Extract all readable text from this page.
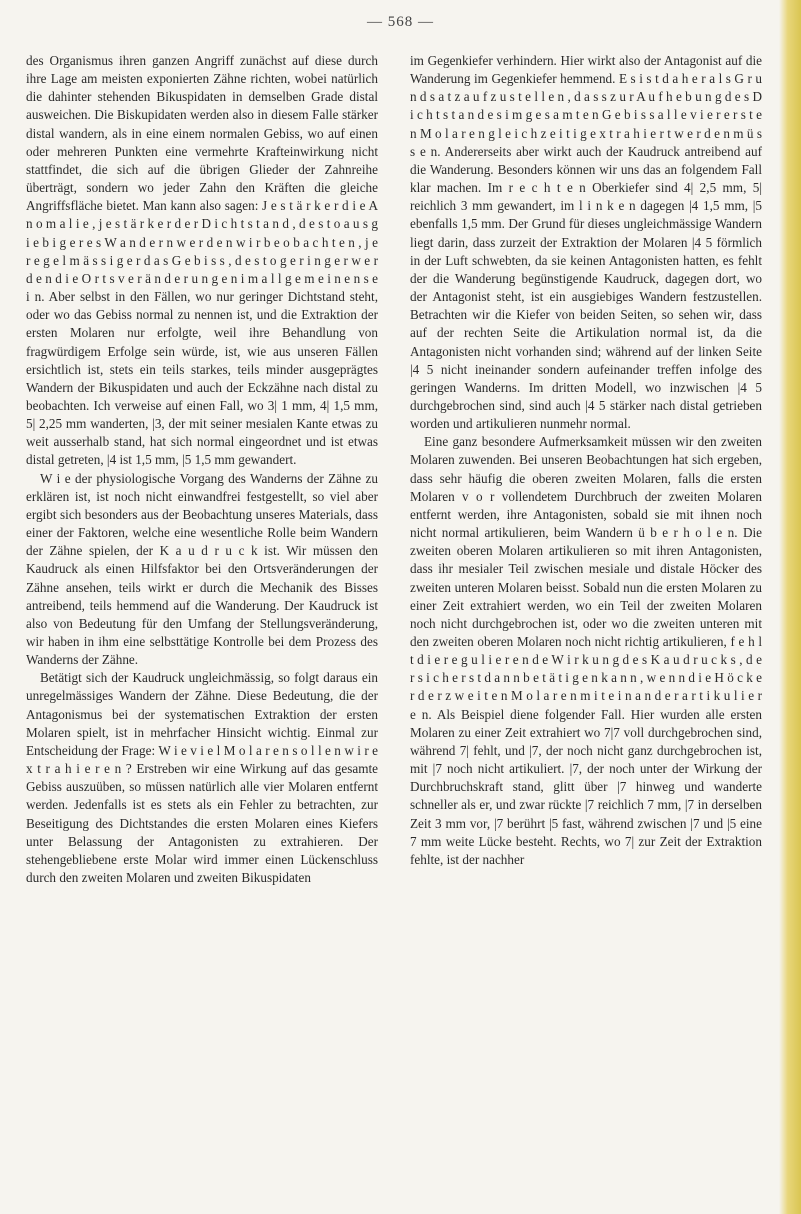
— 568 —

des Organismus ihren ganzen Angriff zunächst auf diese durch ihre Lage am meisten exponierten Zähne richten, wobei natürlich die dahinter stehenden Bikuspidaten in demselben Grade distal ausweichen. Die Biskupidaten werden also in diesem Falle stärker distal wandern, als in eine einem normalen Gebiss, wo auf einen oder mehreren Punkten eine vermehrte Krafteinwirkung nicht stattfindet, die sich auf die übrigen Glieder der Zahnreihe überträgt, sondern wo jeder Zahn den Kräften die gleiche Angriffsfläche bietet. Man kann also sagen: J e s t ä r k e r d i e A n o m a l i e , j e s t ä r k e r d e r D i c h t s t a n d , d e s t o a u s g i e b i g e r e s W a n d e r n w e r d e n w i r b e o b a c h t e n , j e r e g e l m ä s s i g e r d a s G e b i s s , d e s t o g e r i n g e r w e r d e n d i e O r t s v e r ä n d e r u n g e n i m a l l g e m e i n e n s e i n. Aber selbst in den Fällen, wo nur geringer Dichtstand steht, oder wo das Gebiss normal zu nennen ist, und die Extraktion der ersten Molaren nur erfolgte, weil ihre Behandlung von fragwürdigem Erfolge sein würde, ist, wie aus unseren Fällen ersichtlich ist, stets ein teils starkes, teils minder ausgeprägtes Wandern der Bikuspidaten und auch der Eckzähne nach distal zu beobachten. Ich verweise auf einen Fall, wo 3| 1 mm, 4| 1,5 mm, 5| 2,25 mm wanderten, |3, der mit seiner mesialen Kante etwas zu weit ausserhalb stand, hat sich normal eingeordnet und ist etwas distal getreten, |4 ist 1,5 mm, |5 1,5 mm gewandert.

W i e der physiologische Vorgang des Wanderns der Zähne zu erklären ist, ist noch nicht einwandfrei festgestellt, so viel aber ergibt sich besonders aus der Beobachtung unseres Materials, dass einer der Faktoren, welche eine wesentliche Rolle beim Wandern der Zähne spielen, der K a u d r u c k ist. Wir müssen den Kaudruck als einen Hilfsfaktor bei den Ortsveränderungen der Zähne ansehen, teils wirkt er durch die Mechanik des Bisses antreibend, teils hemmend auf die Wanderung. Der Kaudruck ist also von Bedeutung für den Umfang der Stellungsveränderung, wir haben in ihm eine selbsttätige Kontrolle bei dem Prozess des Wanderns der Zähne.

Betätigt sich der Kaudruck ungleichmässig, so folgt daraus ein unregelmässiges Wandern der Zähne. Diese Bedeutung, die der Antagonismus bei der systematischen Extraktion der ersten Molaren spielt, ist in mehrfacher Hinsicht wichtig. Einmal zur Entscheidung der Frage: W i e v i e l M o l a r e n s o l l e n w i r e x t r a h i e r e n ? Erstreben wir eine Wirkung auf das gesamte Gebiss auszuüben, so müssen natürlich alle vier Molaren entfernt werden. Jedenfalls ist es stets als ein Fehler zu betrachten, zur Beseitigung des Dichtstandes die ersten Molaren eines Kiefers unter Belassung der Antagonisten zu extrahieren. Der stehengebliebene erste Molar wird immer einen Lückenschluss durch den zweiten Molaren und zweiten Bikuspidaten

im Gegenkiefer verhindern. Hier wirkt also der Antagonist auf die Wanderung im Gegenkiefer hemmend. E s i s t d a h e r a l s G r u n d s a t z a u f z u s t e l l e n , d a s s z u r A u f h e b u n g d e s D i c h t s t a n d e s i m g e s a m t e n G e b i s s a l l e v i e r e r s t e n M o l a r e n g l e i c h z e i t i g e x t r a h i e r t w e r d e n m ü s s e n. Andererseits aber wirkt auch der Kaudruck antreibend auf die Wanderung. Besonders können wir uns das an folgendem Fall klar machen. Im r e c h t e n Oberkiefer sind 4| 2,5 mm, 5| reichlich 3 mm gewandert, im l i n k e n dagegen |4 1,5 mm, |5 ebenfalls 1,5 mm. Der Grund für dieses ungleichmässige Wandern liegt darin, dass zurzeit der Extraktion der Molaren |4 5 förmlich in der Luft schwebten, da sie keinen Antagonisten hatten, es fehlt der die Wanderung begünstigende Kaudruck, dagegen dort, wo der Antagonist steht, ist ein ausgiebiges Wandern festzustellen. Betrachten wir die Kiefer von beiden Seiten, so sehen wir, dass auf der rechten Seite die Artikulation normal ist, da die Antagonisten nicht vorhanden sind; während auf der linken Seite |4 5 nicht ineinander sondern aufeinander treffen infolge des geringen Wanderns. Im dritten Modell, wo inzwischen |4 5 durchgebrochen sind, sind auch |4 5 stärker nach distal getrieben worden und artikulieren nunmehr normal.

Eine ganz besondere Aufmerksamkeit müssen wir den zweiten Molaren zuwenden. Bei unseren Beobachtungen hat sich ergeben, dass sehr häufig die oberen zweiten Molaren, falls die ersten Molaren v o r vollendetem Durchbruch der zweiten Molaren entfernt werden, ihre Antagonisten, sobald sie mit ihnen noch nicht normal artikulieren, beim Wandern ü b e r h o l e n. Die zweiten oberen Molaren artikulieren so mit ihren Antagonisten, dass ihr mesialer Teil zwischen mesiale und distale Höcker des zweiten unteren Molaren beisst. Sobald nun die ersten Molaren zu einer Zeit extrahiert werden, wo ein Teil der zweiten Molaren noch nicht durchgebrochen ist, oder wo die zweiten unteren mit den zweiten oberen Molaren noch nicht richtig artikulieren, f e h l t d i e r e g u l i e r e n d e W i r k u n g d e s K a u d r u c k s , d e r s i c h e r s t d a n n b e t ä t i g e n k a n n , w e n n d i e H ö c k e r d e r z w e i t e n M o l a r e n m i t e i n a n d e r a r t i k u l i e r e n. Als Beispiel diene folgender Fall. Hier wurden alle ersten Molaren zu einer Zeit extrahiert wo 7|7 voll durchgebrochen sind, während 7| fehlt, und |7, der noch nicht ganz durchgebrochen ist, mit |7 noch nicht artikuliert. |7, der noch unter der Wirkung der Durchbruchskraft stand, glitt über |7 hinweg und wanderte schneller als er, und zwar rückte |7 reichlich 7 mm, |7 in derselben Zeit 3 mm vor, |7 berührt |5 fast, während zwischen |7 und |5 eine 7 mm weite Lücke besteht. Rechts, wo 7| zur Zeit der Extraktion fehlte, ist der nachher
